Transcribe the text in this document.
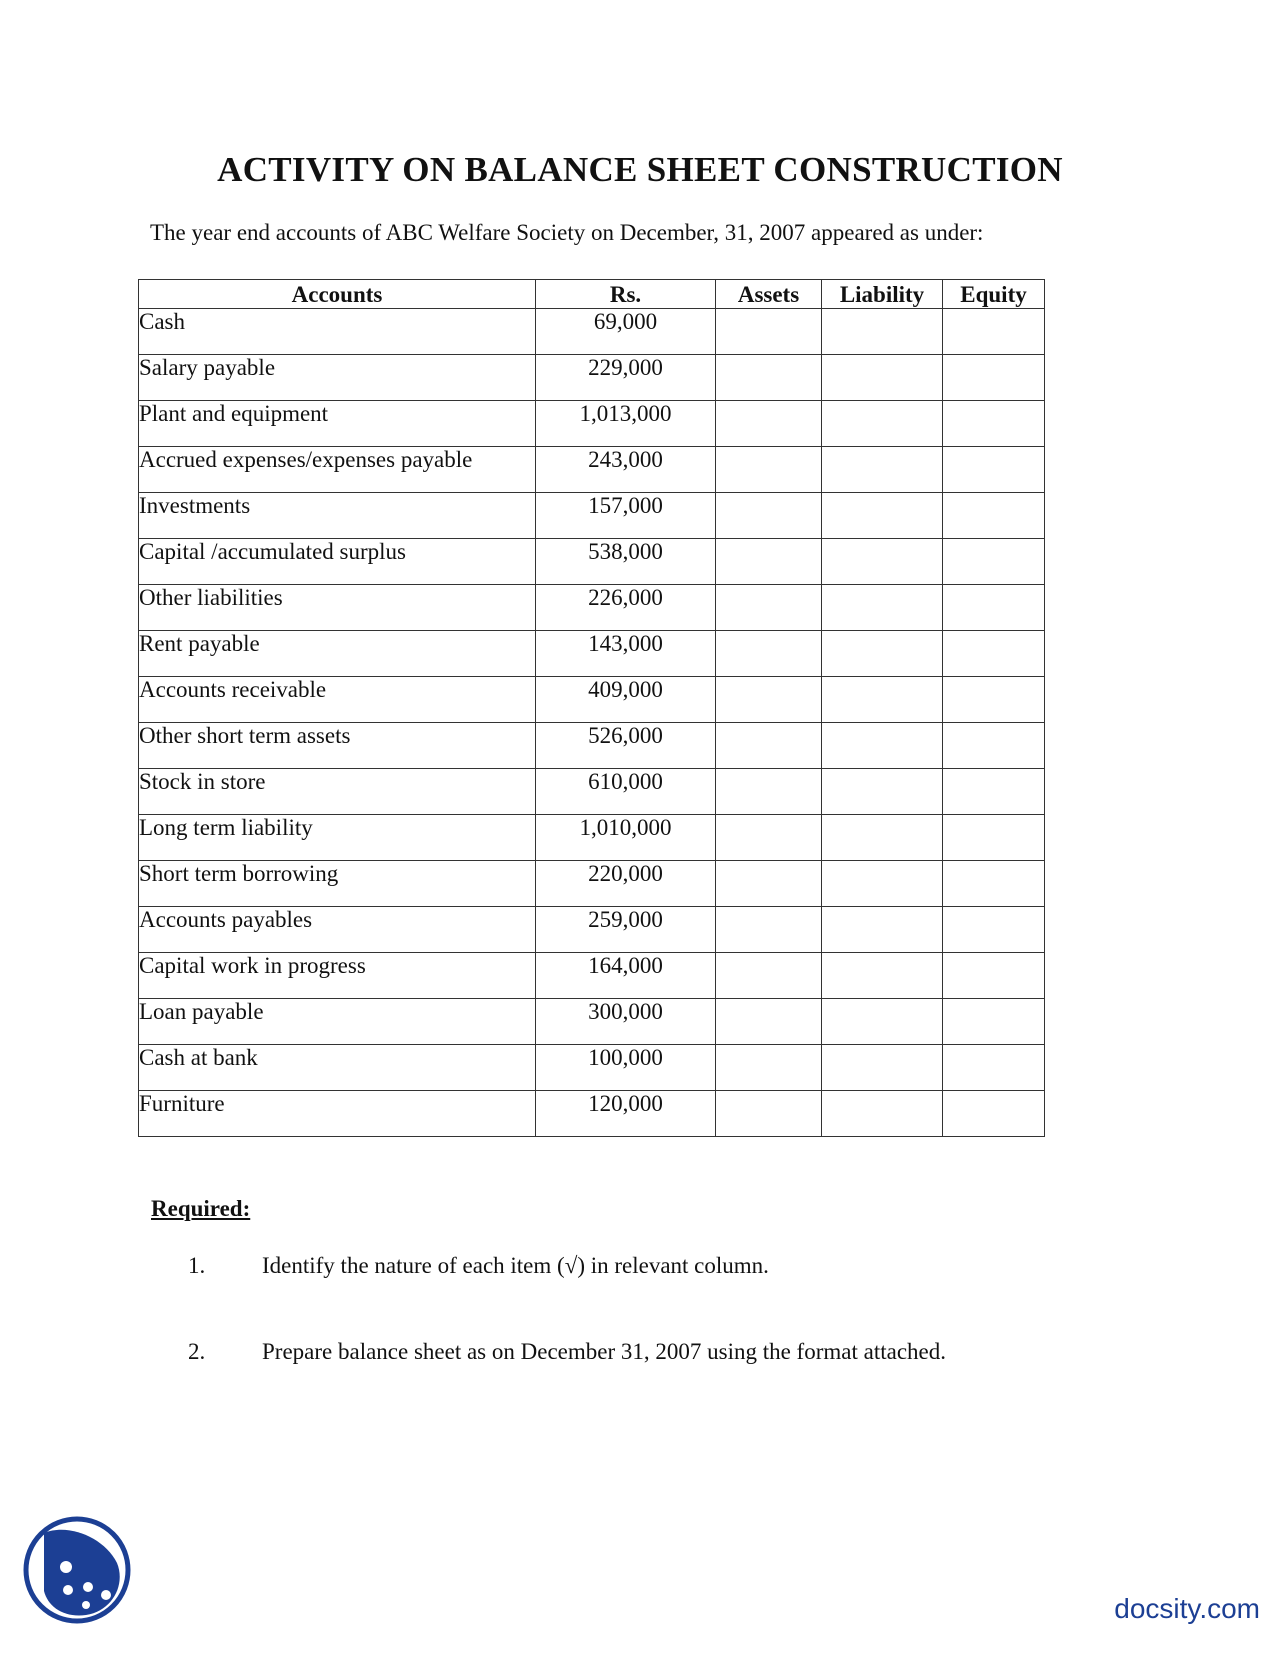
ACTIVITY ON BALANCE SHEET CONSTRUCTION

The year end accounts of ABC Welfare Society on December, 31, 2007 appeared as under:

Accounts	Rs.	Assets	Liability	Equity
Cash	69,000			
Salary payable	229,000			
Plant and equipment	1,013,000			
Accrued expenses/expenses payable	243,000			
Investments	157,000			
Capital /accumulated surplus	538,000			
Other liabilities	226,000			
Rent payable	143,000			
Accounts receivable	409,000			
Other short term assets	526,000			
Stock in store	610,000			
Long term liability	1,010,000			
Short term borrowing	220,000			
Accounts payables	259,000			
Capital work in progress	164,000			
Loan payable	300,000			
Cash at bank	100,000			
Furniture	120,000			

Required:

1. Identify the nature of each item (√) in relevant column.
2. Prepare balance sheet as on December 31, 2007 using the format attached.
docsity.com
